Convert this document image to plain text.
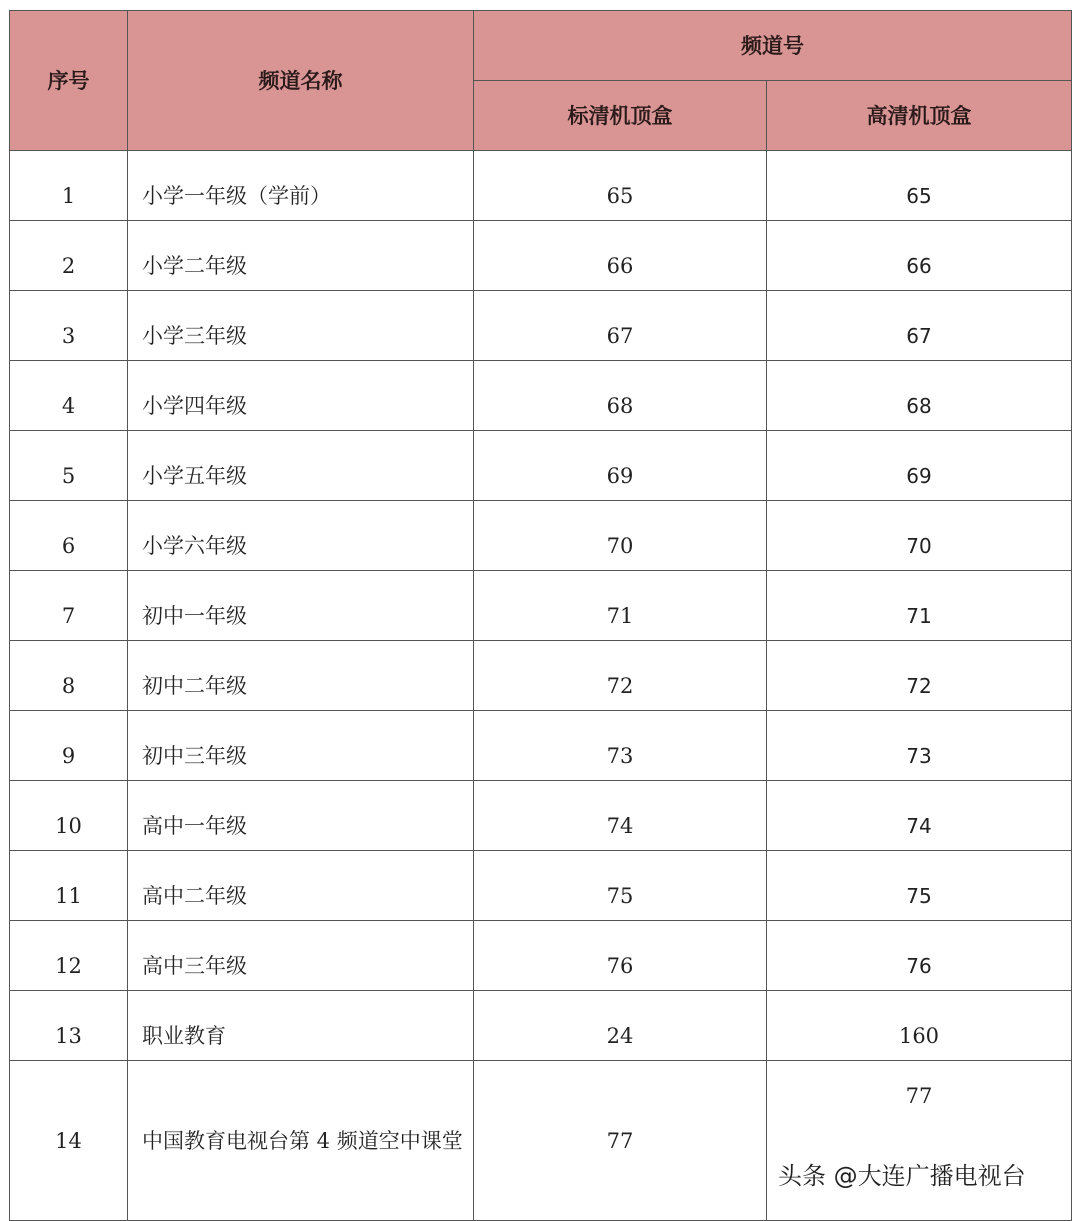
序号	频道名称	频道号	
		标清机顶盒	高清机顶盒
1	小学一年级（学前）	65	65
2	小学二年级	66	66
3	小学三年级	67	67
4	小学四年级	68	68
5	小学五年级	69	69
6	小学六年级	70	70
7	初中一年级	71	71
8	初中二年级	72	72
9	初中三年级	73	73
10	高中一年级	74	74
11	高中二年级	75	75
12	高中三年级	76	76
13	职业教育	24	160
14	中国教育电视台第 4 频道空中课堂	77	77
头条 @大连广播电视台
